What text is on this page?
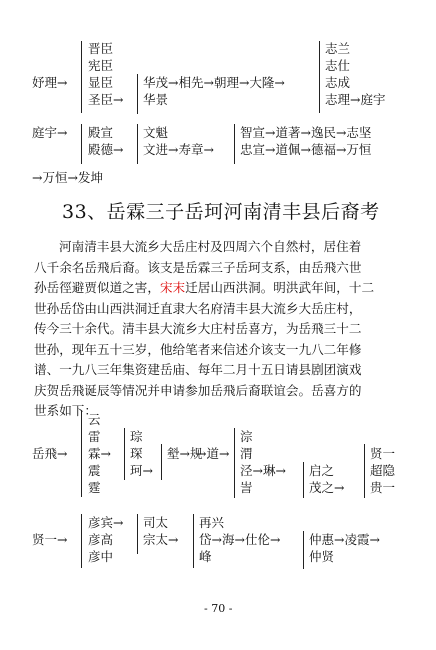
妤理→
晋臣
宪臣
显臣
圣臣→
华茂→相先→朝理→大隆→
华景
志兰
志仕
志成
志理→庭宇
庭宇→ 殿宣
殿德→
文魁
文进→寿章→
智宣→道著→逸民→志坚
忠宣→道佩→德福→万恒
→万恒→发坤
33、岳霖三子岳珂河南清丰县后裔考
河南清丰县大流乡大岳庄村及四周六个自然村，居住着
八千余名岳飛后裔。该支是岳霖三子岳珂支系，由岳飛六世
孙岳徑避贾似道之害，宋末迁居山西洪洞。明洪武年间，十二
世孙岳岱由山西洪洞迁直隶大名府清丰县大流乡大岳庄村，
传今三十余代。清丰县大流乡大庄村岳喜方，为岳飛三十二
世孙，现年五十三岁，他给笔者来信述介该支一九八二年修
谱、一九八三年集资建岳庙、每年二月十五日请县剧团演戏
庆贺岳飛诞辰等情况并申请参加岳飛后裔联谊会。岳喜方的
世系如下：
岳飛→
云
雷
霖→
震
霆
琮
琛
珂→
㙦→规
→道→
淙
渭
泾→琳→
訔
启之
茂之→
贤一
超隐
贵一
贤一→
彦宾→
彦高
彦中
司太
宗太→
再兴
岱→海→仕伦→
峰
仲惠→凌霞→
仲贤
- 70 -
